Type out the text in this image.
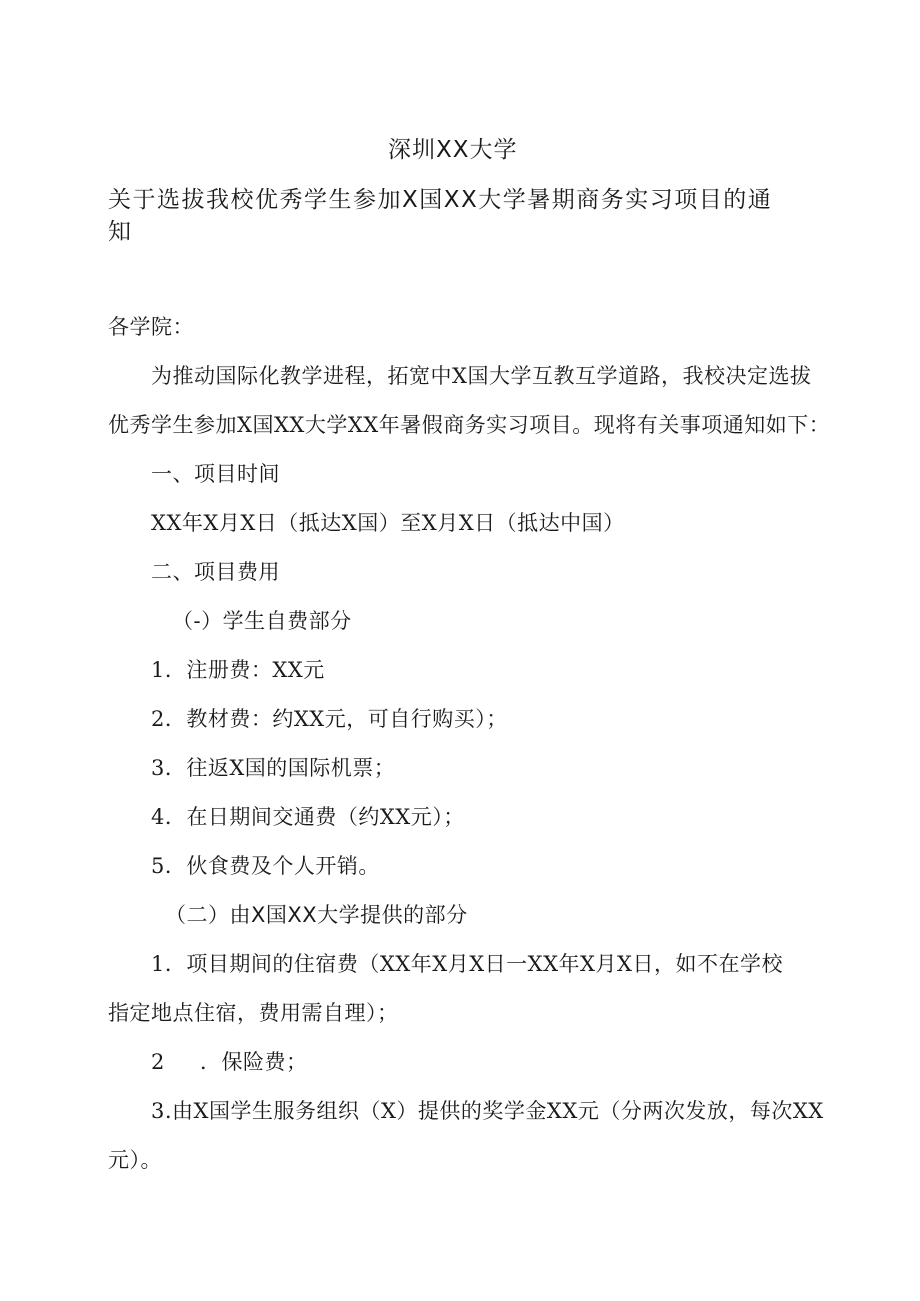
深圳XX大学
关于选拔我校优秀学生参加X国XX大学暑期商务实习项目的通
知
各学院：
为推动国际化教学进程，拓宽中X国大学互教互学道路，我校决定选拔
优秀学生参加X国XX大学XX年暑假商务实习项目。现将有关事项通知如下：
一、项目时间
XX年X月X日（抵达X国）至X月X日（抵达中国）
二、项目费用
（-）学生自费部分
1．注册费：XX元
2．教材费：约XX元，可自行购买）；
3．往返X国的国际机票；
4．在日期间交通费（约XX元）；
5．伙食费及个人开销。
（二）由X国XX大学提供的部分
1．项目期间的住宿费（XX年X月X日一XX年X月X日，如不在学校
指定地点住宿，费用需自理）；
2 ．保险费；
3.由X国学生服务组织（X）提供的奖学金XX元（分两次发放，每次XX
元）。
